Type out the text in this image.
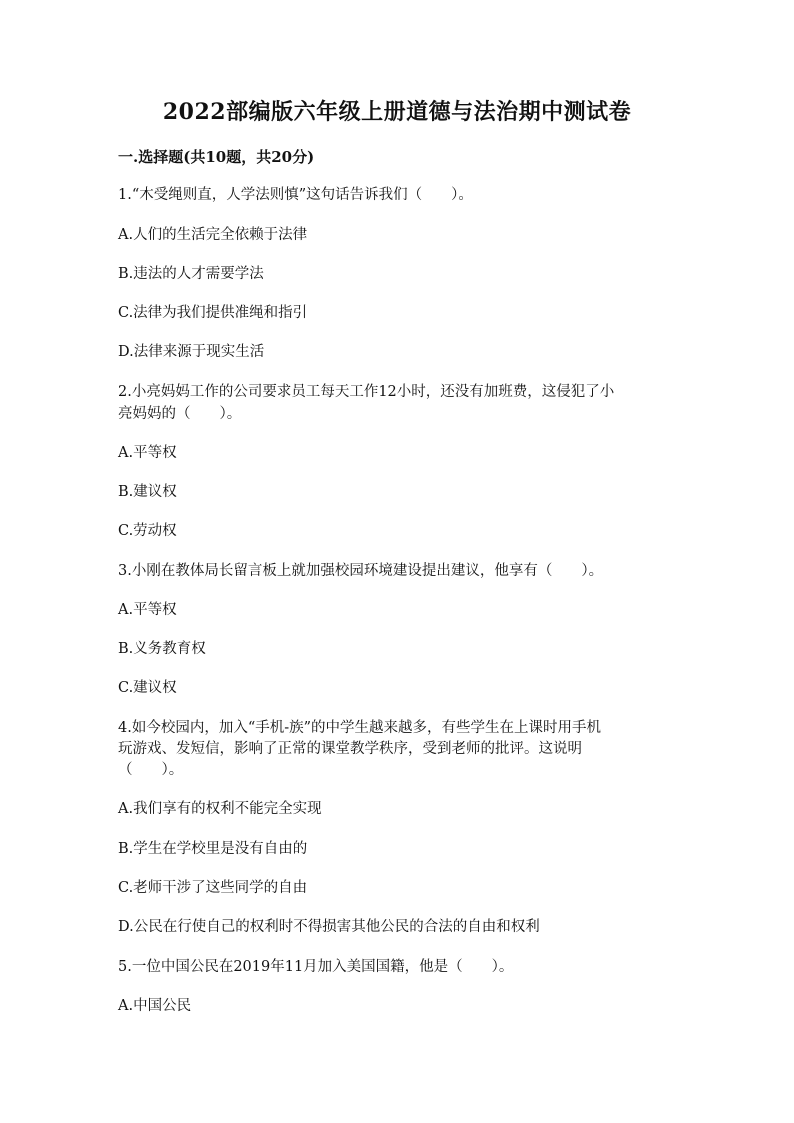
2022部编版六年级上册道德与法治期中测试卷
一.选择题(共10题，共20分)
1.“木受绳则直，人学法则慎”这句话告诉我们（　　）。
A.人们的生活完全依赖于法律
B.违法的人才需要学法
C.法律为我们提供准绳和指引
D.法律来源于现实生活
2.小亮妈妈工作的公司要求员工每天工作12小时，还没有加班费，这侵犯了小
亮妈妈的（　　）。
A.平等权
B.建议权
C.劳动权
3.小刚在教体局长留言板上就加强校园环境建设提出建议，他享有（　　）。
A.平等权
B.义务教育权
C.建议权
4.如今校园内，加入“手机-族”的中学生越来越多，有些学生在上课时用手机
玩游戏、发短信，影响了正常的课堂教学秩序，受到老师的批评。这说明
（　　）。
A.我们享有的权利不能完全实现
B.学生在学校里是没有自由的
C.老师干涉了这些同学的自由
D.公民在行使自己的权利时不得损害其他公民的合法的自由和权利
5.一位中国公民在2019年11月加入美国国籍，他是（　　）。
A.中国公民
